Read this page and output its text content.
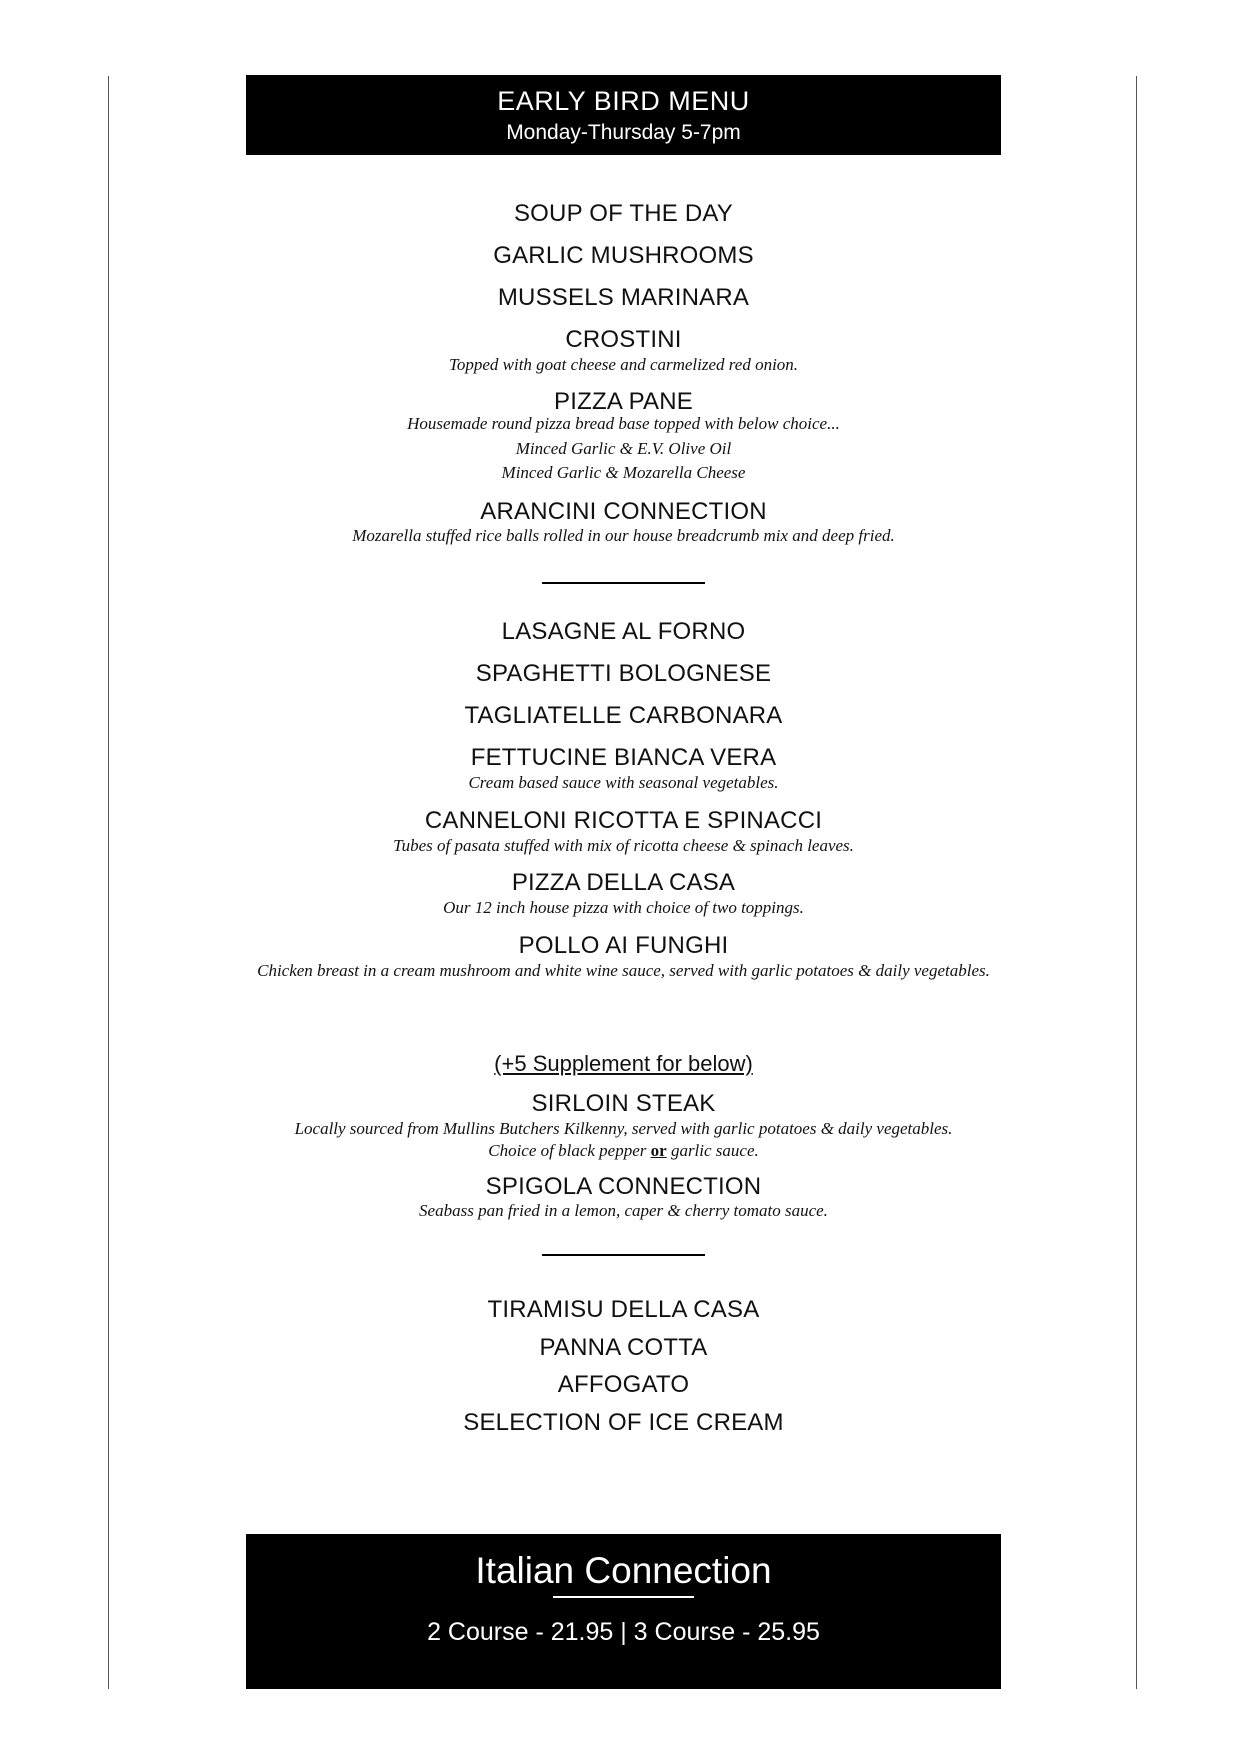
EARLY BIRD MENU
Monday-Thursday 5-7pm
SOUP OF THE DAY
GARLIC MUSHROOMS
MUSSELS MARINARA
CROSTINI
Topped with goat cheese and carmelized red onion.
PIZZA PANE
Housemade round pizza bread base topped with below choice...
Minced Garlic & E.V. Olive Oil
Minced Garlic & Mozarella Cheese
ARANCINI CONNECTION
Mozarella stuffed rice balls rolled in our house breadcrumb mix and deep fried.
LASAGNE AL FORNO
SPAGHETTI BOLOGNESE
TAGLIATELLE CARBONARA
FETTUCINE BIANCA VERA
Cream based sauce with seasonal vegetables.
CANNELONI RICOTTA E SPINACCI
Tubes of pasata stuffed with mix of ricotta cheese & spinach leaves.
PIZZA DELLA CASA
Our 12 inch house pizza with choice of two toppings.
POLLO AI FUNGHI
Chicken breast in a cream mushroom and white wine sauce, served with garlic potatoes & daily vegetables.
(+5 Supplement for below)
SIRLOIN STEAK
Locally sourced from Mullins Butchers Kilkenny, served with garlic potatoes & daily vegetables.
Choice of black pepper or garlic sauce.
SPIGOLA CONNECTION
Seabass pan fried in a lemon, caper & cherry tomato sauce.
TIRAMISU DELLA CASA
PANNA COTTA
AFFOGATO
SELECTION OF ICE CREAM
Italian Connection
2 Course - 21.95 | 3 Course - 25.95
